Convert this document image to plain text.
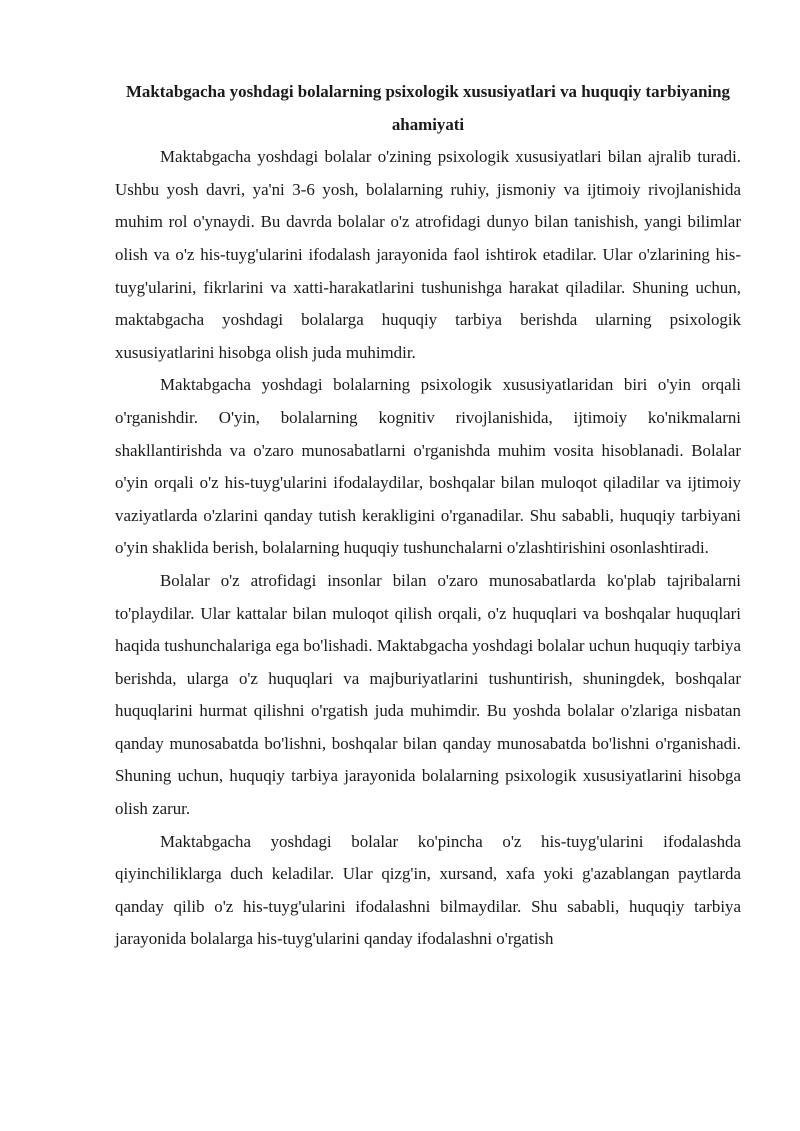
Maktabgacha yoshdagi bolalarning psixologik xususiyatlari va huquqiy tarbiyaning ahamiyati

Maktabgacha yoshdagi bolalar o'zining psixologik xususiyatlari bilan ajralib turadi. Ushbu yosh davri, ya'ni 3-6 yosh, bolalarning ruhiy, jismoniy va ijtimoiy rivojlanishida muhim rol o'ynaydi. Bu davrda bolalar o'z atrofidagi dunyo bilan tanishish, yangi bilimlar olish va o'z his-tuyg'ularini ifodalash jarayonida faol ishtirok etadilar. Ular o'zlarining his-tuyg'ularini, fikrlarini va xatti-harakatlarini tushunishga harakat qiladilar. Shuning uchun, maktabgacha yoshdagi bolalarga huquqiy tarbiya berishda ularning psixologik xususiyatlarini hisobga olish juda muhimdir.

Maktabgacha yoshdagi bolalarning psixologik xususiyatlaridan biri o'yin orqali o'rganishdir. O'yin, bolalarning kognitiv rivojlanishida, ijtimoiy ko'nikmalarni shakllantirishda va o'zaro munosabatlarni o'rganishda muhim vosita hisoblanadi. Bolalar o'yin orqali o'z his-tuyg'ularini ifodalaydilar, boshqalar bilan muloqot qiladilar va ijtimoiy vaziyatlarda o'zlarini qanday tutish kerakligini o'rganadilar. Shu sababli, huquqiy tarbiyani o'yin shaklida berish, bolalarning huquqiy tushunchalarni o'zlashtirishini osonlashtiradi.

Bolalar o'z atrofidagi insonlar bilan o'zaro munosabatlarda ko'plab tajribalarni to'playdilar. Ular kattalar bilan muloqot qilish orqali, o'z huquqlari va boshqalar huquqlari haqida tushunchalariga ega bo'lishadi. Maktabgacha yoshdagi bolalar uchun huquqiy tarbiya berishda, ularga o'z huquqlari va majburiyatlarini tushuntirish, shuningdek, boshqalar huquqlarini hurmat qilishni o'rgatish juda muhimdir. Bu yoshda bolalar o'zlariga nisbatan qanday munosabatda bo'lishni, boshqalar bilan qanday munosabatda bo'lishni o'rganishadi. Shuning uchun, huquqiy tarbiya jarayonida bolalarning psixologik xususiyatlarini hisobga olish zarur.

Maktabgacha yoshdagi bolalar ko'pincha o'z his-tuyg'ularini ifodalashda qiyinchiliklarga duch keladilar. Ular qizg'in, xursand, xafa yoki g'azablangan paytlarda qanday qilib o'z his-tuyg'ularini ifodalashni bilmaydilar. Shu sababli, huquqiy tarbiya jarayonida bolalarga his-tuyg'ularini qanday ifodalashni o'rgatish
